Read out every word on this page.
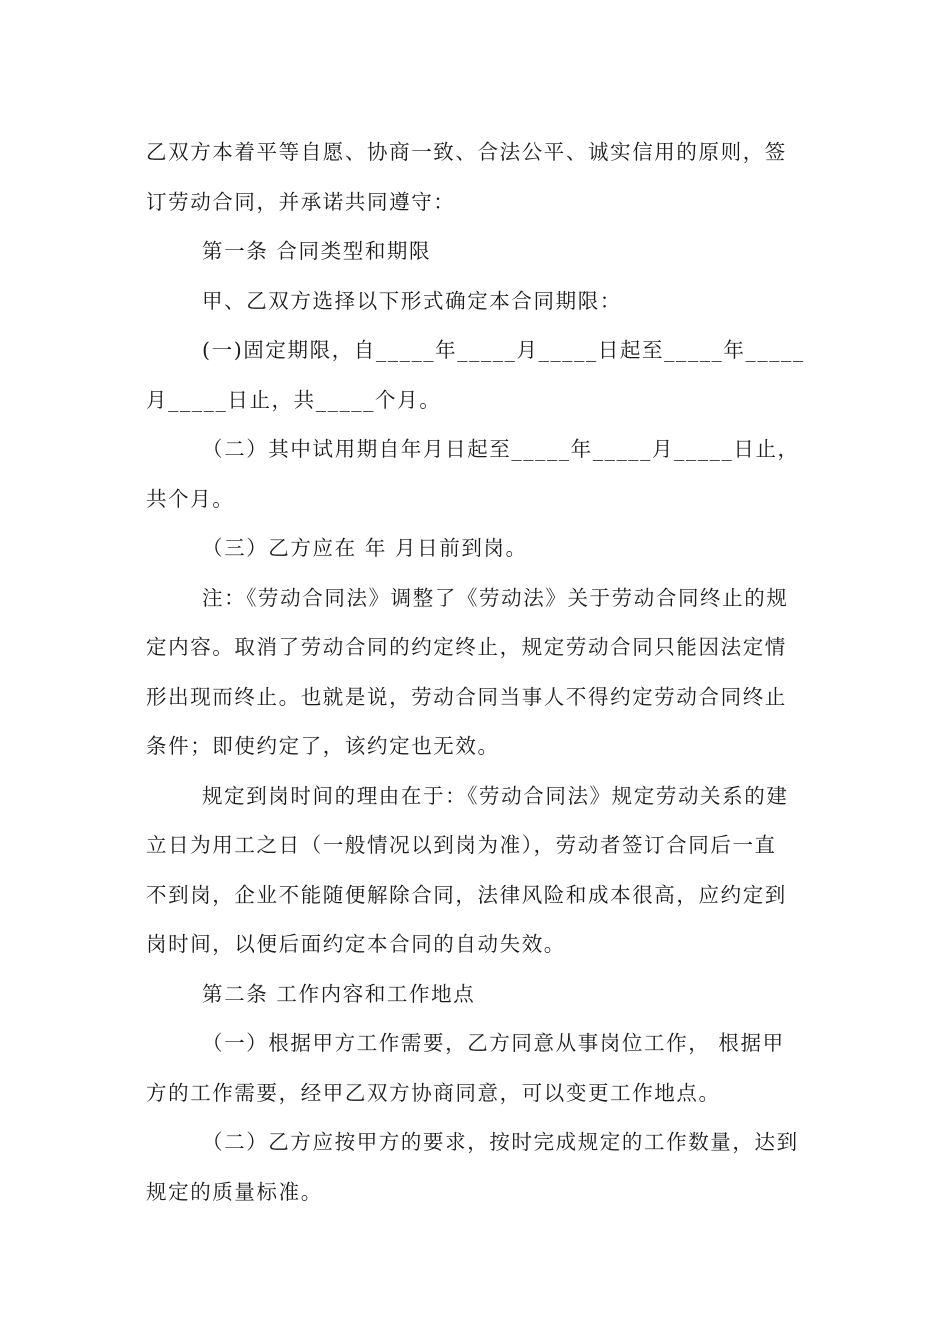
乙双方本着平等自愿、协商一致、合法公平、诚实信用的原则，签
订劳动合同，并承诺共同遵守：
第一条 合同类型和期限
甲、乙双方选择以下形式确定本合同期限：
(一)固定期限，自_____年_____月_____日起至_____年_____
月_____日止，共_____个月。
（二）其中试用期自年月日起至_____年_____月_____日止，
共个月。
（三）乙方应在 年 月日前到岗。
注：《劳动合同法》调整了《劳动法》关于劳动合同终止的规
定内容。取消了劳动合同的约定终止，规定劳动合同只能因法定情
形出现而终止。也就是说，劳动合同当事人不得约定劳动合同终止
条件；即使约定了，该约定也无效。
规定到岗时间的理由在于：《劳动合同法》规定劳动关系的建
立日为用工之日（一般情况以到岗为准），劳动者签订合同后一直
不到岗，企业不能随便解除合同，法律风险和成本很高，应约定到
岗时间，以便后面约定本合同的自动失效。
第二条 工作内容和工作地点
（一）根据甲方工作需要，乙方同意从事岗位工作， 根据甲
方的工作需要，经甲乙双方协商同意，可以变更工作地点。
（二）乙方应按甲方的要求，按时完成规定的工作数量，达到
规定的质量标准。
